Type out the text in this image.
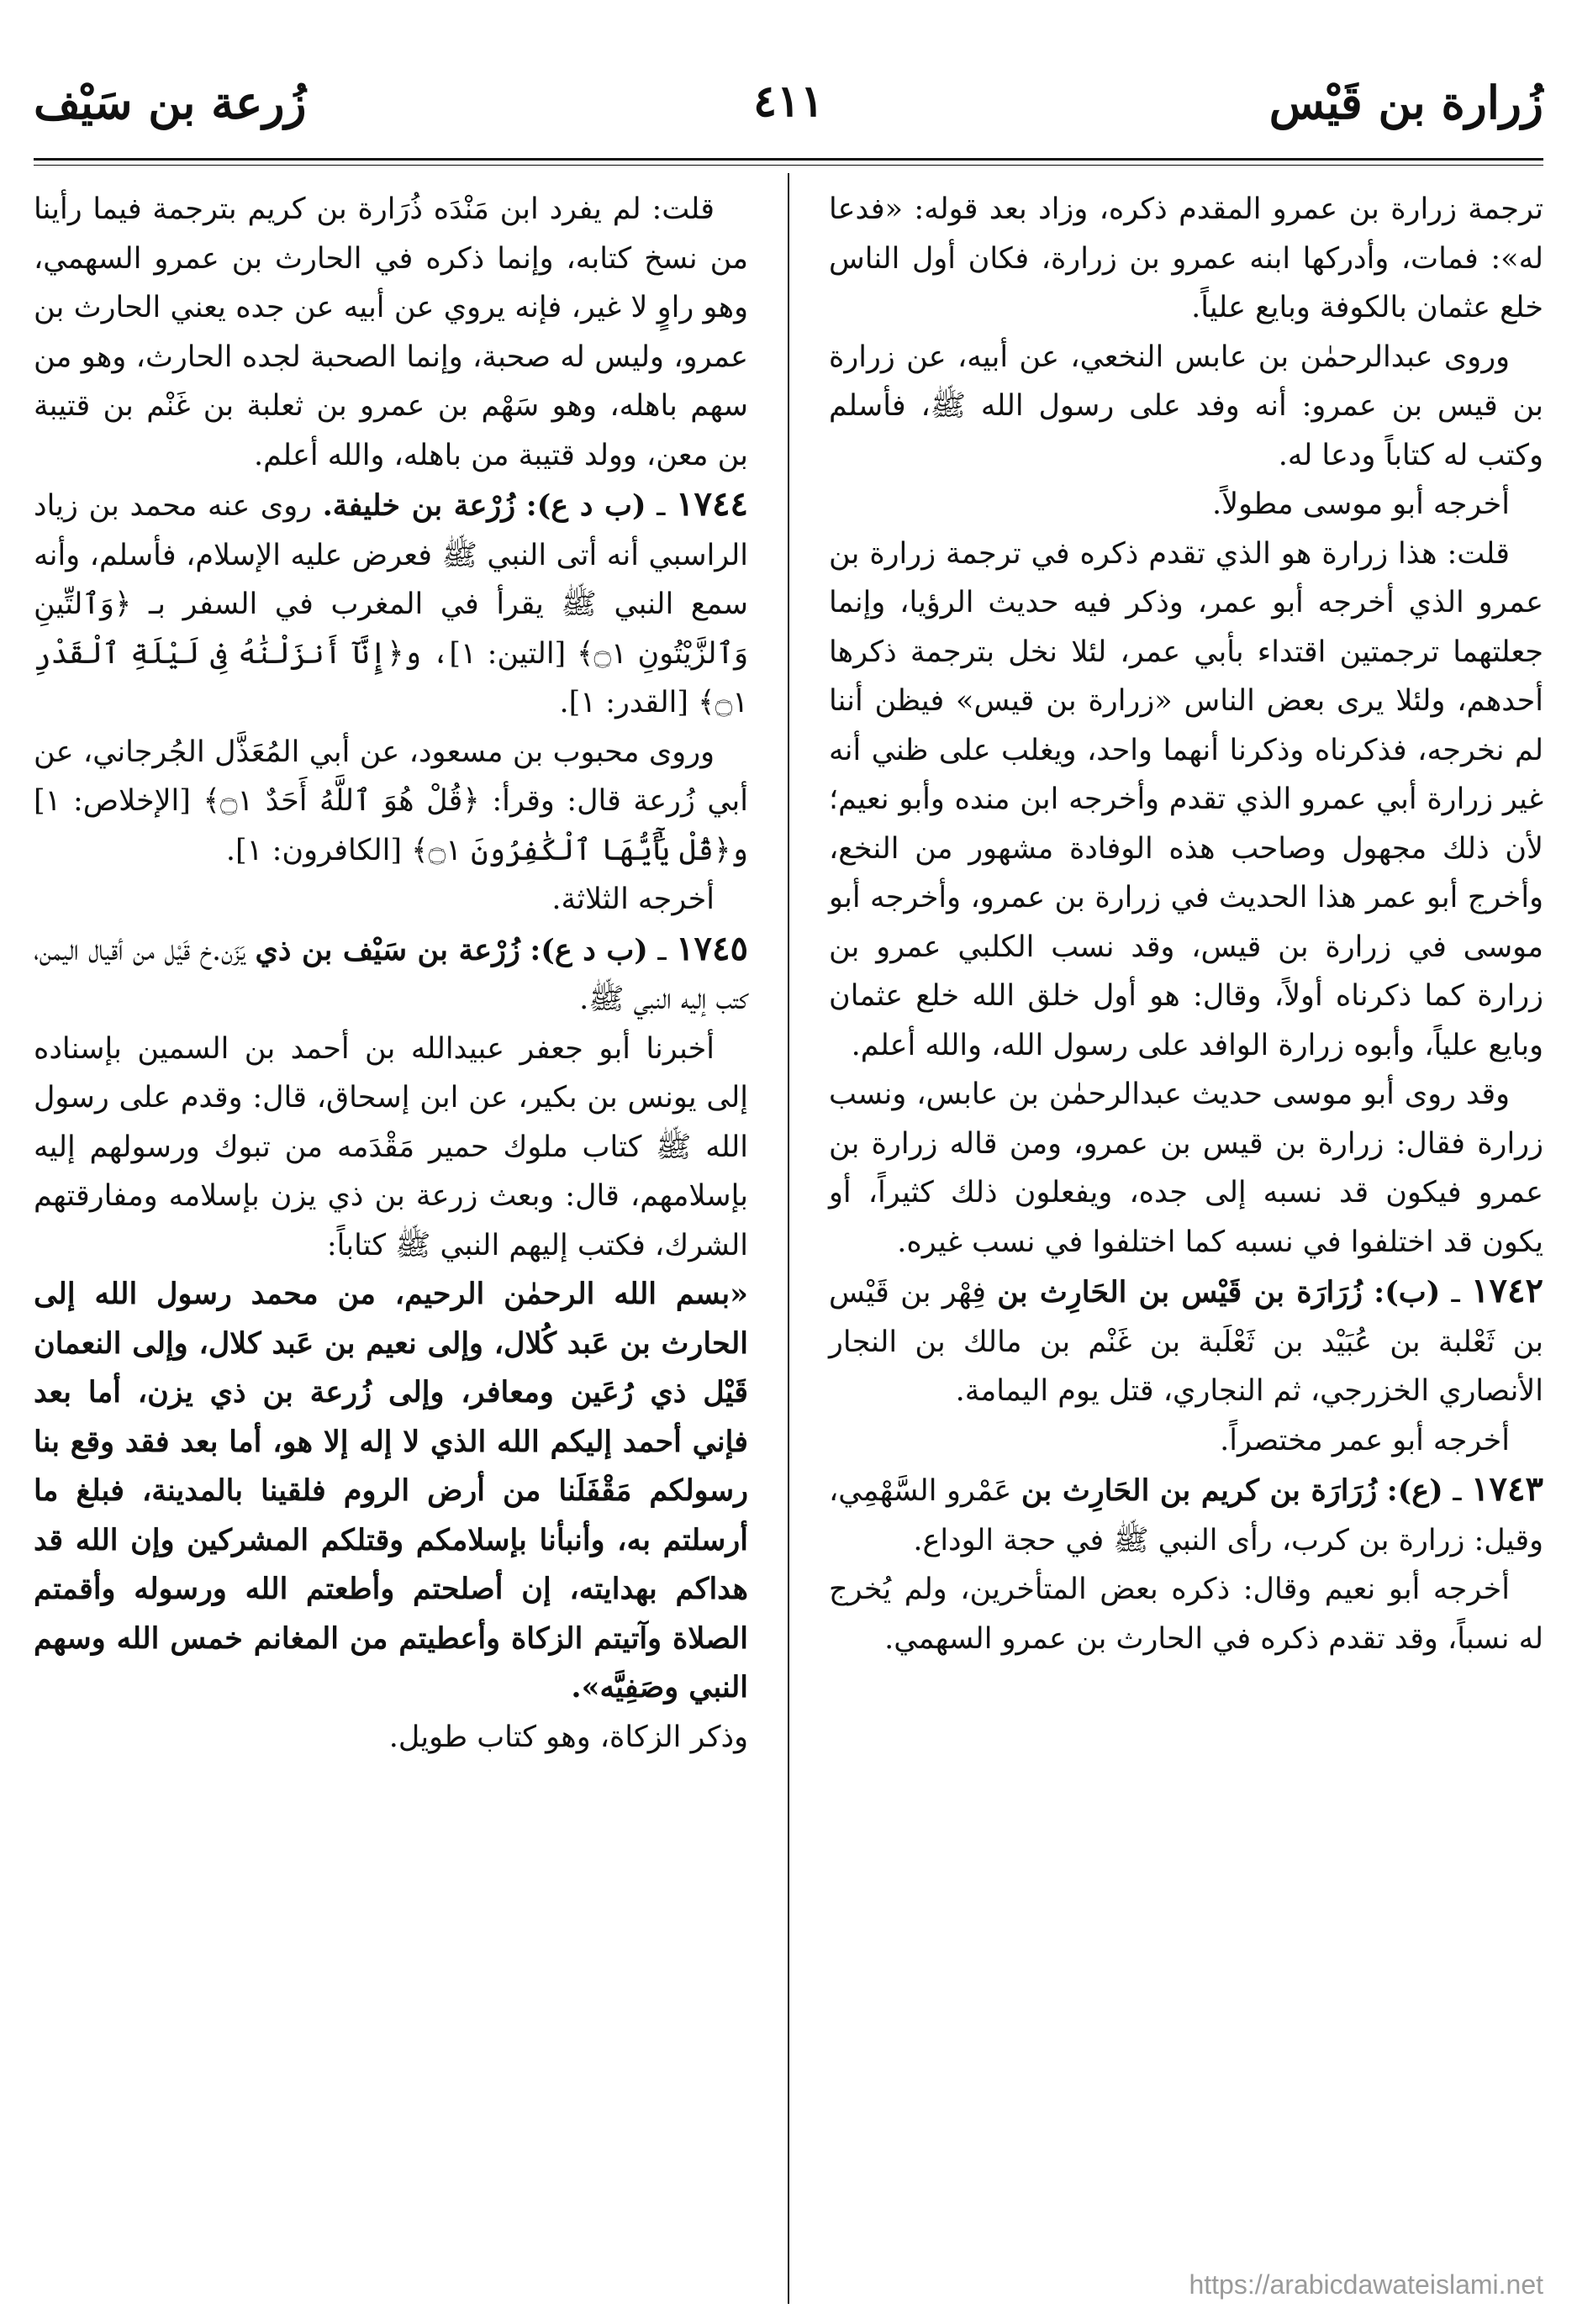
زُرارة بن قَيْس
٤١١
زُرعة بن سَيْف

ترجمة زرارة بن عمرو المقدم ذكره، وزاد بعد قوله: «فدعا له»: فمات، وأدركها ابنه عمرو بن زرارة، فكان أول الناس خلع عثمان بالكوفة وبايع علياً.

وروى عبدالرحمٰن بن عابس النخعي، عن أبيه، عن زرارة بن قيس بن عمرو: أنه وفد على رسول الله ﷺ، فأسلم وكتب له كتاباً ودعا له.

أخرجه أبو موسى مطولاً.

قلت: هذا زرارة هو الذي تقدم ذكره في ترجمة زرارة بن عمرو الذي أخرجه أبو عمر، وذكر فيه حديث الرؤيا، وإنما جعلتهما ترجمتين اقتداء بأبي عمر، لئلا نخل بترجمة ذكرها أحدهم، ولئلا يرى بعض الناس «زرارة بن قيس» فيظن أننا لم نخرجه، فذكرناه وذكرنا أنهما واحد، ويغلب على ظني أنه غير زرارة أبي عمرو الذي تقدم وأخرجه ابن منده وأبو نعيم؛ لأن ذلك مجهول وصاحب هذه الوفادة مشهور من النخع، وأخرج أبو عمر هذا الحديث في زرارة بن عمرو، وأخرجه أبو موسى في زرارة بن قيس، وقد نسب الكلبي عمرو بن زرارة كما ذكرناه أولاً، وقال: هو أول خلق الله خلع عثمان وبايع علياً، وأبوه زرارة الوافد على رسول الله، والله أعلم.

وقد روى أبو موسى حديث عبدالرحمٰن بن عابس، ونسب زرارة فقال: زرارة بن قيس بن عمرو، ومن قاله زرارة بن عمرو فيكون قد نسبه إلى جده، ويفعلون ذلك كثيراً، أو يكون قد اختلفوا في نسبه كما اختلفوا في نسب غيره.

١٧٤٢ ـ (ب): زُرَارَة بن قَيْس بن الحَارِث بن فِهْر بن قَيْس بن ثَعْلبة بن عُبَيْد بن ثَعْلَبة بن غَنْم بن مالك بن النجار الأنصاري الخزرجي، ثم النجاري، قتل يوم اليمامة.

أخرجه أبو عمر مختصراً.

١٧٤٣ ـ (ع): زُرَارَة بن كريم بن الحَارِث بن عَمْرو السَّهْمِي، وقيل: زرارة بن كرب، رأى النبي ﷺ في حجة الوداع.

أخرجه أبو نعيم وقال: ذكره بعض المتأخرين، ولم يُخرج له نسباً، وقد تقدم ذكره في الحارث بن عمرو السهمي.

قلت: لم يفرد ابن مَنْدَه ذُرَارة بن كريم بترجمة فيما رأينا من نسخ كتابه، وإنما ذكره في الحارث بن عمرو السهمي، وهو راوٍ لا غير، فإنه يروي عن أبيه عن جده يعني الحارث بن عمرو، وليس له صحبة، وإنما الصحبة لجده الحارث، وهو من سهم باهله، وهو سَهْم بن عمرو بن ثعلبة بن غَنْم بن قتيبة بن معن، وولد قتيبة من باهله، والله أعلم.

١٧٤٤ ـ (ب د ع): زُرْعة بن خليفة. روى عنه محمد بن زياد الراسبي أنه أتى النبي ﷺ فعرض عليه الإسلام، فأسلم، وأنه سمع النبي ﷺ يقرأ في المغرب في السفر بـ ﴿وَٱلتِّينِ وَٱلزَّيْتُونِ ۝١﴾ [التين: ١]، و﴿إِنَّآ أَنزَلْنَٰهُ فِى لَيْلَةِ ٱلْقَدْرِ ۝١﴾ [القدر: ١].

وروى محبوب بن مسعود، عن أبي المُعَذَّل الجُرجاني، عن أبي زُرعة قال: وقرأ: ﴿قُلْ هُوَ ٱللَّهُ أَحَدٌ ۝١﴾ [الإخلاص: ١] و﴿قُلْ يَٰٓأَيُّهَا ٱلْكَٰفِرُونَ ۝١﴾ [الكافرون: ١].

أخرجه الثلاثة.

١٧٤٥ ـ (ب د ع): زُرْعة بن سَيْف بن ذي يَزَن.خ قَيْل من أقيال اليمن، كتب إليه النبي ﷺ.

أخبرنا أبو جعفر عبيدالله بن أحمد بن السمين بإسناده إلى يونس بن بكير، عن ابن إسحاق، قال: وقدم على رسول الله ﷺ كتاب ملوك حمير مَقْدَمه من تبوك ورسولهم إليه بإسلامهم، قال: وبعث زرعة بن ذي يزن بإسلامه ومفارقتهم الشرك، فكتب إليهم النبي ﷺ كتاباً:

«بسم الله الرحمٰن الرحيم، من محمد رسول الله إلى الحارث بن عَبد كُلال، وإلى نعيم بن عَبد كلال، وإلى النعمان قَيْل ذي رُعَين ومعافر، وإلى زُرعة بن ذي يزن، أما بعد فإني أحمد إليكم الله الذي لا إله إلا هو، أما بعد فقد وقع بنا رسولكم مَقْفَلَنا من أرض الروم فلقينا بالمدينة، فبلغ ما أرسلتم به، وأنبأنا بإسلامكم وقتلكم المشركين وإن الله قد هداكم بهدايته، إن أصلحتم وأطعتم الله ورسوله وأقمتم الصلاة وآتيتم الزكاة وأعطيتم من المغانم خمس الله وسهم النبي وصَفِيَّه».

وذكر الزكاة، وهو كتاب طويل.

https://arabicdawateislami.net
